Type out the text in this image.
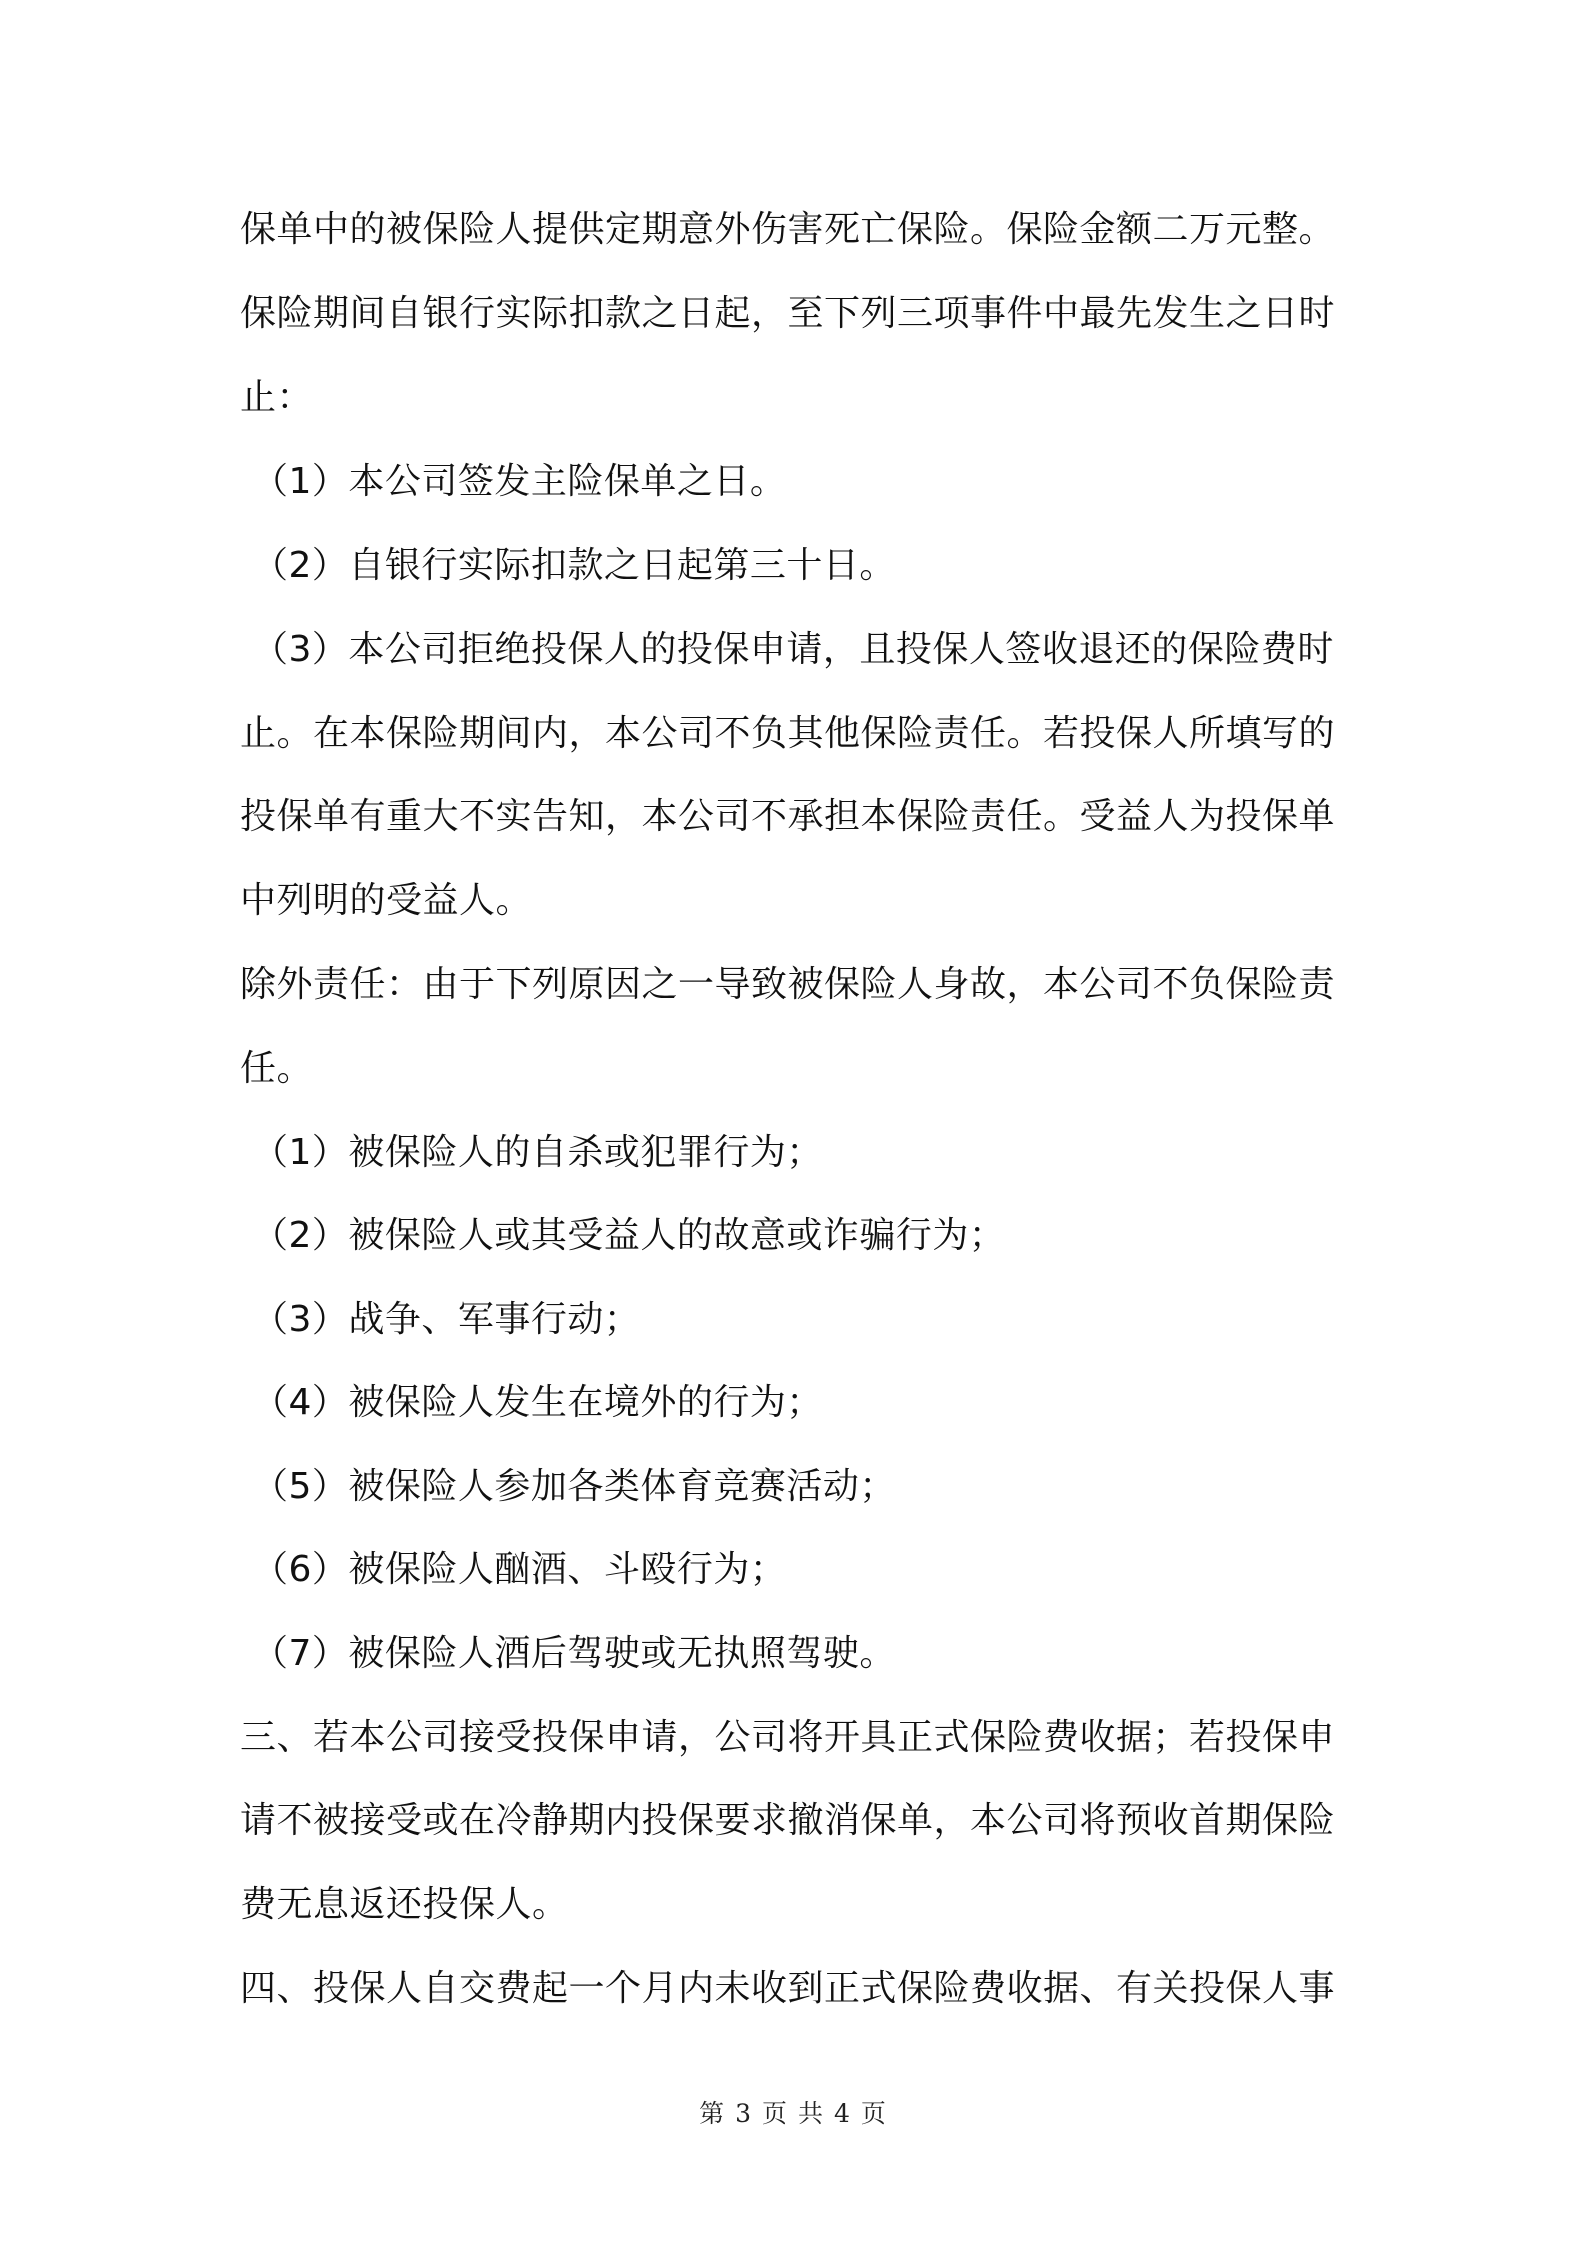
保单中的被保险人提供定期意外伤害死亡保险。保险金额二万元整。
保险期间自银行实际扣款之日起，至下列三项事件中最先发生之日时
止：
（1）本公司签发主险保单之日。
（2）自银行实际扣款之日起第三十日。
（3）本公司拒绝投保人的投保申请，且投保人签收退还的保险费时
止。在本保险期间内，本公司不负其他保险责任。若投保人所填写的
投保单有重大不实告知，本公司不承担本保险责任。受益人为投保单
中列明的受益人。
除外责任：由于下列原因之一导致被保险人身故，本公司不负保险责
任。
（1）被保险人的自杀或犯罪行为；
（2）被保险人或其受益人的故意或诈骗行为；
（3）战争、军事行动；
（4）被保险人发生在境外的行为；
（5）被保险人参加各类体育竞赛活动；
（6）被保险人酗酒、斗殴行为；
（7）被保险人酒后驾驶或无执照驾驶。
三、若本公司接受投保申请，公司将开具正式保险费收据；若投保申
请不被接受或在冷静期内投保要求撤消保单，本公司将预收首期保险
费无息返还投保人。
四、投保人自交费起一个月内未收到正式保险费收据、有关投保人事
第 3 页 共 4 页
